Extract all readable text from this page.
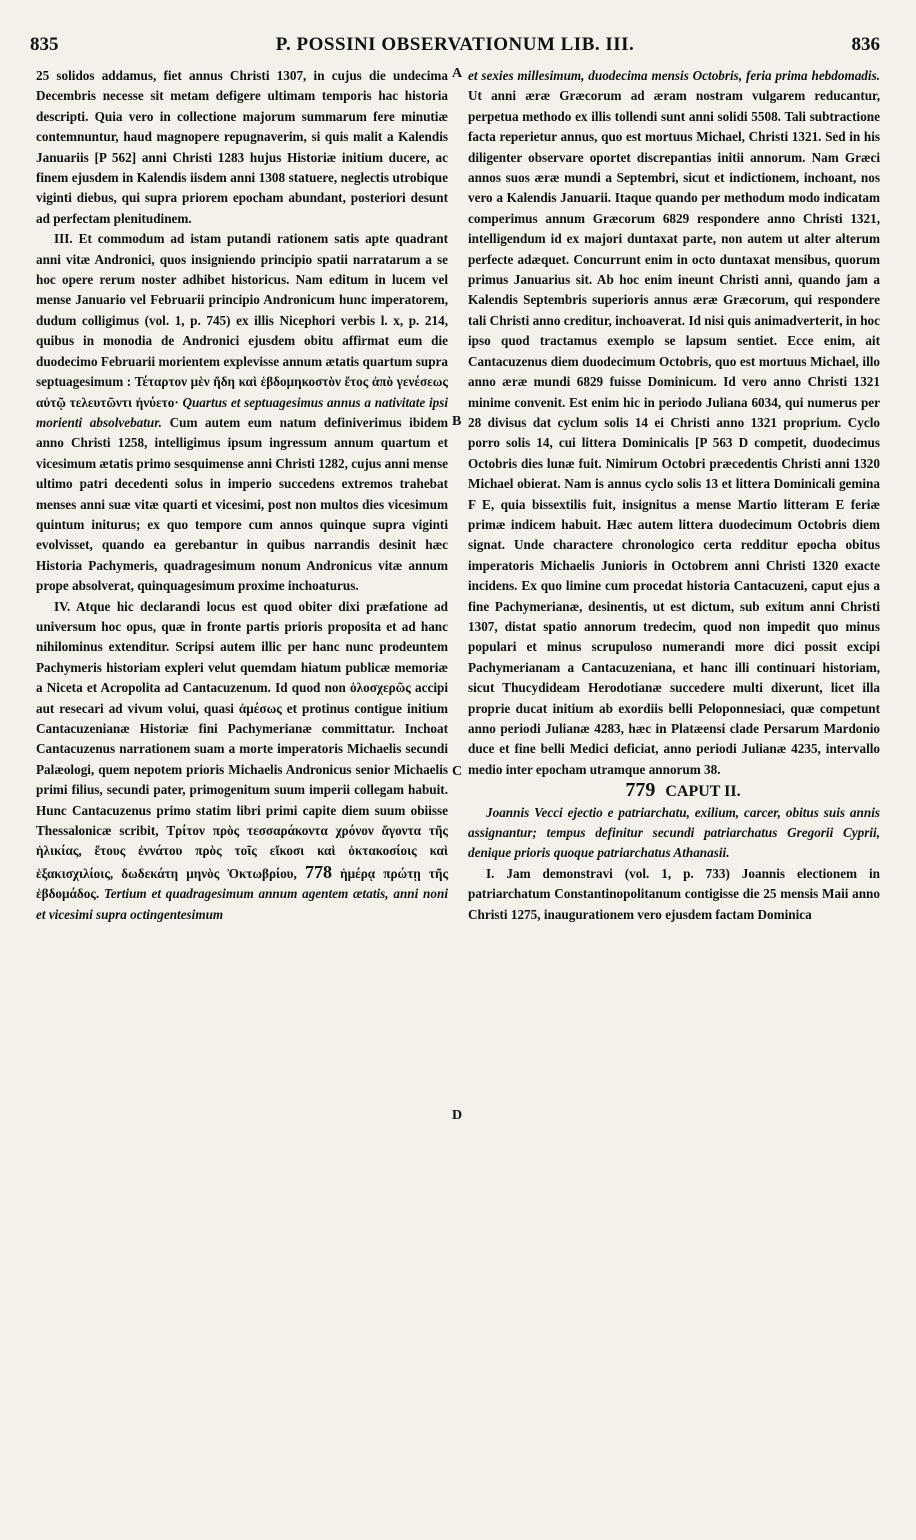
835	P. POSSINI OBSERVATIONUM LIB. III.	836
A
B
C
D

25 solidos addamus, fiet annus Christi 1307, in cujus die undecima Decembris necesse sit metam defigere ultimam temporis hac historia descripti. Quia vero in collectione majorum summarum fere minutiæ contemnuntur, haud magnopere repugnaverim, si quis malit a Kalendis Januariis [P 562] anni Christi 1283 hujus Historiæ initium ducere, ac finem ejusdem in Kalendis iisdem anni 1308 statuere, neglectis utrobique viginti diebus, qui supra priorem epocham abundant, posteriori desunt ad perfectam plenitudinem.

III. Et commodum ad istam putandi rationem satis apte quadrant anni vitæ Andronici, quos insigniendo principio spatii narratarum a se hoc opere rerum noster adhibet historicus. Nam editum in lucem vel mense Januario vel Februarii principio Andronicum hunc imperatorem, dudum colligimus (vol. 1, p. 745) ex illis Nicephori verbis l. x, p. 214, quibus in monodia de Andronici ejusdem obitu affirmat eum die duodecimo Februarii morientem explevisse annum ætatis quartum supra septuagesimum : Τέταρτον μὲν ἤδη καὶ ἑβδομηκοστὸν ἔτος ἀπὸ γενέσεως αὐτῷ τελευτῶντι ἠνύετο· Quartus et septuagesimus annus a nativitate ipsi morienti absolvebatur. Cum autem eum natum definiverimus ibidem anno Christi 1258, intelligimus ipsum ingressum annum quartum et vicesimum ætatis primo sesquimense anni Christi 1282, cujus anni mense ultimo patri decedenti solus in imperio succedens extremos trahebat menses anni suæ vitæ quarti et vicesimi, post non multos dies vicesimum quintum initurus; ex quo tempore cum annos quinque supra viginti evolvisset, quando ea gerebantur in quibus narrandis desinit hæc Historia Pachymeris, quadragesimum nonum Andronicus vitæ annum prope absolverat, quinquagesimum proxime inchoaturus.

IV. Atque hic declarandi locus est quod obiter dixi præfatione ad universum hoc opus, quæ in fronte partis prioris proposita et ad hanc nihilominus extenditur. Scripsi autem illic per hanc nunc prodeuntem Pachymeris historiam expleri velut quemdam hiatum publicæ memoriæ a Niceta et Acropolita ad Cantacuzenum. Id quod non ὁλοσχερῶς accipi aut resecari ad vivum volui, quasi ἀμέσως et protinus contigue initium Cantacuzenianæ Historiæ fini Pachymerianæ committatur. Inchoat Cantacuzenus narrationem suam a morte imperatoris Michaelis secundi Palæologi, quem nepotem prioris Michaelis Andronicus senior Michaelis primi filius, secundi pater, primogenitum suum imperii collegam habuit. Hunc Cantacuzenus primo statim libri primi capite diem suum obiisse Thessalonicæ scribit, Τρίτον πρὸς τεσσαράκοντα χρόνον ἄγοντα τῆς ἡλικίας, ἔτους ἐννάτου πρὸς τοῖς εἴκοσι καὶ ὀκτακοσίοις καὶ ἑξακισχιλίοις, δωδεκάτη μηνὸς Ὀκτωβρίου, 778 ἡμέρᾳ πρώτῃ τῆς ἑβδομάδος. Tertium et quadragesimum annum agentem ætatis, anni noni et vicesimi supra octingentesimum

et sexies millesimum, duodecima mensis Octobris, feria prima hebdomadis. Ut anni æræ Græcorum ad æram nostram vulgarem reducantur, perpetua methodo ex illis tollendi sunt anni solidi 5508. Tali subtractione facta reperietur annus, quo est mortuus Michael, Christi 1321. Sed in his diligenter observare oportet discrepantias initii annorum. Nam Græci annos suos æræ mundi a Septembri, sicut et indictionem, inchoant, nos vero a Kalendis Januarii. Itaque quando per methodum modo indicatam comperimus annum Græcorum 6829 respondere anno Christi 1321, intelligendum id ex majori duntaxat parte, non autem ut alter alterum perfecte adæquet. Concurrunt enim in octo duntaxat mensibus, quorum primus Januarius sit. Ab hoc enim ineunt Christi anni, quando jam a Kalendis Septembris superioris annus æræ Græcorum, qui respondere tali Christi anno creditur, inchoaverat. Id nisi quis animadverterit, in hoc ipso quod tractamus exemplo se lapsum sentiet. Ecce enim, ait Cantacuzenus diem duodecimum Octobris, quo est mortuus Michael, illo anno æræ mundi 6829 fuisse Dominicum. Id vero anno Christi 1321 minime convenit. Est enim hic in periodo Juliana 6034, qui numerus per 28 divisus dat cyclum solis 14 ei Christi anno 1321 proprium. Cyclo porro solis 14, cui littera Dominicalis [P 563 D competit, duodecimus Octobris dies lunæ fuit. Nimirum Octobri præcedentis Christi anni 1320 Michael obierat. Nam is annus cyclo solis 13 et littera Dominicali gemina F E, quia bissextilis fuit, insignitus a mense Martio litteram E feriæ primæ indicem habuit. Hæc autem littera duodecimum Octobris diem signat. Unde charactere chronologico certa redditur epocha obitus imperatoris Michaelis Junioris in Octobrem anni Christi 1320 exacte incidens. Ex quo limine cum procedat historia Cantacuzeni, caput ejus a fine Pachymerianæ, desinentis, ut est dictum, sub exitum anni Christi 1307, distat spatio annorum tredecim, quod non impedit quo minus populari et minus scrupuloso numerandi more dici possit excipi Pachymerianam a Cantacuzeniana, et hanc illi continuari historiam, sicut Thucydideam Herodotianæ succedere multi dixerunt, licet illa proprie ducat initium ab exordiis belli Peloponnesiaci, quæ competunt anno periodi Julianæ 4283, hæc in Platæensi clade Persarum Mardonio duce et fine belli Medici deficiat, anno periodi Julianæ 4235, intervallo medio inter epocham utramque annorum 38.

779 CAPUT II.

Joannis Vecci ejectio e patriarchatu, exilium, carcer, obitus suis annis assignantur; tempus definitur secundi patriarchatus Gregorii Cyprii, denique prioris quoque patriarchatus Athanasii.

I. Jam demonstravi (vol. 1, p. 733) Joannis electionem in patriarchatum Constantinopolitanum contigisse die 25 mensis Maii anno Christi 1275, inaugurationem vero ejusdem factam Dominica
